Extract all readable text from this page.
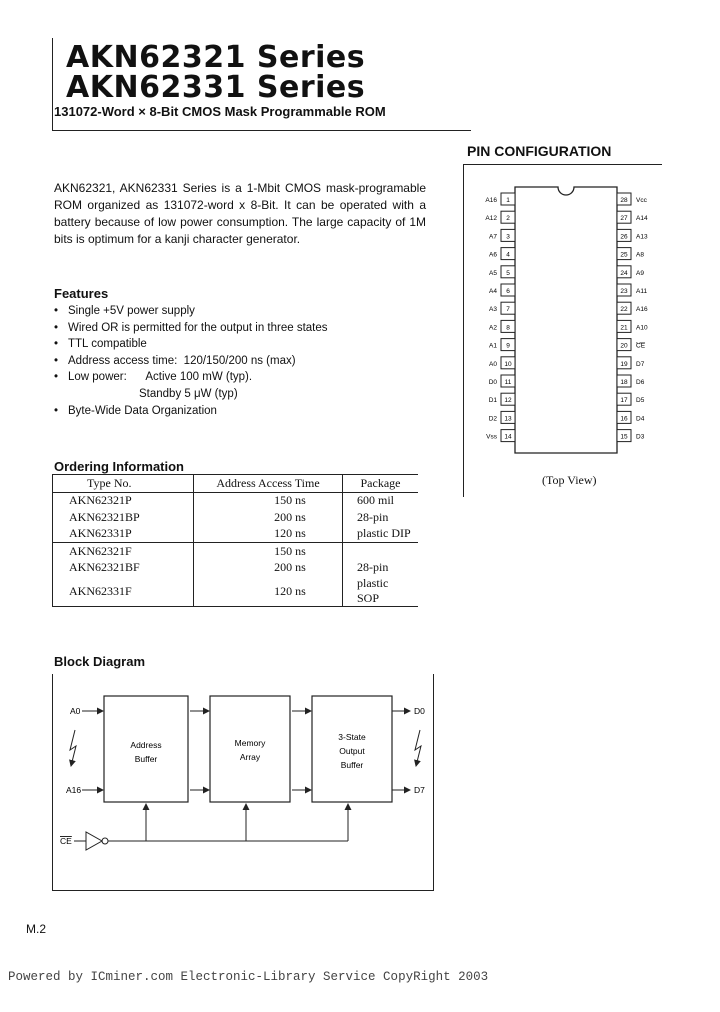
AKN62321 Series
AKN62331 Series
131072-Word × 8-Bit CMOS Mask Programmable ROM
AKN62321, AKN62331 Series is a 1-Mbit CMOS mask-programable ROM organized as 131072-word x 8-Bit. It can be operated with a battery because of low power consumption. The large capacity of 1M bits is optimum for a kanji character generator.
Features
• Single +5V power supply
• Wired OR is permitted for the output in three states
• TTL compatible
• Address access time:  120/150/200 ns (max)
• Low power:      Active 100 mW (typ).
Standby 5 μW (typ)
• Byte-Wide Data Organization
Ordering Information
Type No.	Address Access Time	Package
AKN62321P	150 ns	600 mil
AKN62321BP	200 ns	28-pin
AKN62331P	120 ns	plastic DIP
AKN62321F	150 ns	
AKN62321BF	200 ns	28-pin
AKN62331F	120 ns	plastic SOP
PIN CONFIGURATION
1
A16	28 Vcc
2
A12	27 A14
3
A7	26 A13
4
A6	25 A8
5
A5	24 A9
6
A4	23 A11
7
A3	22 A16
8
A2	21 A10
9
A1	20 CE
10
A0	19 D7
11
D0	18 D6
12
D1	17 D5
13
D2	16 D4
14
Vss	15 D3
(Top View)
Block Diagram
Address
Buffer
Memory
Array
3-State
Output
Buffer
A0
A16
D0
D7
CE
M.2
Powered by ICminer.com Electronic-Library Service CopyRight 2003
